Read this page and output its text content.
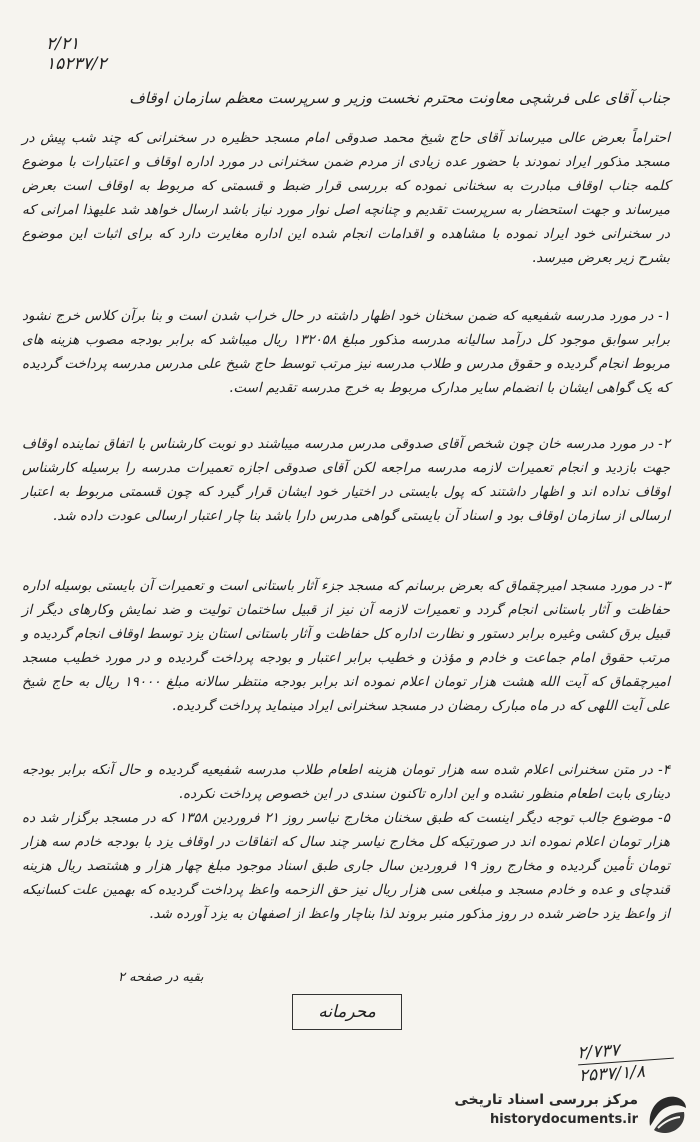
۲/۲۱
۱۵۲۳۷/۲
جناب آقای علی فرشچی معاونت محترم نخست وزیر و سرپرست معظم سازمان اوقاف
احتراماً بعرض عالی میرساند آقای حاج شیخ محمد صدوقی امام مسجد حظیره در سخنرانی که چند شب پیش در مسجد مذکور ایراد نمودند با حضور عده زیادی از مردم ضمن سخنرانی در مورد اداره اوقاف و اعتبارات با موضوع کلمه جناب اوقاف مبادرت به سخنانی نموده که بررسی قرار ضبط و قسمتی که مربوط به اوقاف است بعرض میرساند و جهت استحضار به سرپرست تقدیم و چنانچه اصل نوار مورد نیاز باشد ارسال خواهد شد علیهذا امرانی که در سخنرانی خود ایراد نموده با مشاهده و اقدامات انجام شده این اداره مغایرت دارد که برای اثبات این موضوع بشرح زیر بعرض میرسد.
۱- در مورد مدرسه شفیعیه که ضمن سخنان خود اظهار داشته در حال خراب شدن است و بنا برآن کلاس خرج نشود برابر سوابق موجود کل درآمد سالیانه مدرسه مذکور مبلغ ۱۳۲۰۵۸ ریال میباشد که برابر بودجه مصوب هزینه های مربوط انجام گردیده و حقوق مدرس و طلاب مدرسه نیز مرتب توسط حاج شیخ علی مدرس مدرسه پرداخت گردیده که یک گواهی ایشان با انضمام سایر مدارک مربوط به خرج مدرسه تقدیم است.
۲- در مورد مدرسه خان چون شخص آقای صدوقی مدرس مدرسه میباشند دو نوبت کارشناس با اتفاق نماینده اوقاف جهت بازدید و انجام تعمیرات لازمه مدرسه مراجعه لکن آقای صدوقی اجازه تعمیرات مدرسه را برسیله کارشناس اوقاف نداده اند و اظهار داشتند که پول بایستی در اختیار خود ایشان قرار گیرد که چون قسمتی مربوط به اعتبار ارسالی از سازمان اوقاف بود و اسناد آن بایستی گواهی مدرس دارا باشد بنا چار اعتبار ارسالی عودت داده شد.
۳- در مورد مسجد امیرچقماق که بعرض برسانم که مسجد جزء آثار باستانی است و تعمیرات آن بایستی بوسیله اداره حفاظت و آثار باستانی انجام گردد و تعمیرات لازمه آن نیز از قبیل ساختمان تولیت و ضد نمایش وکارهای دیگر از قبیل برق کشی وغیره برابر دستور و نظارت اداره کل حفاظت و آثار باستانی استان یزد توسط اوقاف انجام گردیده و مرتب حقوق امام جماعت و خادم و مؤذن و خطیب برابر اعتبار و بودجه پرداخت گردیده و در مورد خطیب مسجد امیرچقماق که آیت الله هشت هزار تومان اعلام نموده اند برابر بودجه منتظر سالانه مبلغ ۱۹۰۰۰ ریال به حاج شیخ علی آیت اللهی که در ماه مبارک رمضان در مسجد سخنرانی ایراد مینماید پرداخت گردیده.
۴- در متن سخنرانی اعلام شده سه هزار تومان هزینه اطعام طلاب مدرسه شفیعیه گردیده و حال آنکه برابر بودجه دیناری بابت اطعام منظور نشده و این اداره تاکنون سندی در این خصوص پرداخت نکرده.
۵- موضوع جالب توجه دیگر اینست که طبق سخنان مخارج نیاسر روز ۲۱ فروردین ۱۳۵۸ که در مسجد برگزار شد ده هزار تومان اعلام نموده اند در صورتیکه کل مخارج نیاسر چند سال که اتفاقات در اوقاف یزد با بودجه خادم سه هزار تومان تأمین گردیده و مخارج روز ۱۹ فروردین سال جاری طبق اسناد موجود مبلغ چهار هزار و هشتصد ریال هزینه قندچای و عده و خادم مسجد و مبلغی سی هزار ریال نیز حق الزحمه واعظ پرداخت گردیده که بهمین علت کسانیکه از واعظ یزد حاضر شده در روز مذکور منبر بروند لذا بناچار واعظ از اصفهان به یزد آورده شد.
بقیه در صفحه ۲
محرمانه
۲/۷۳۷
۲۵۳۷/۱/۸
مرکز بررسی اسناد تاریخی
historydocuments.ir
